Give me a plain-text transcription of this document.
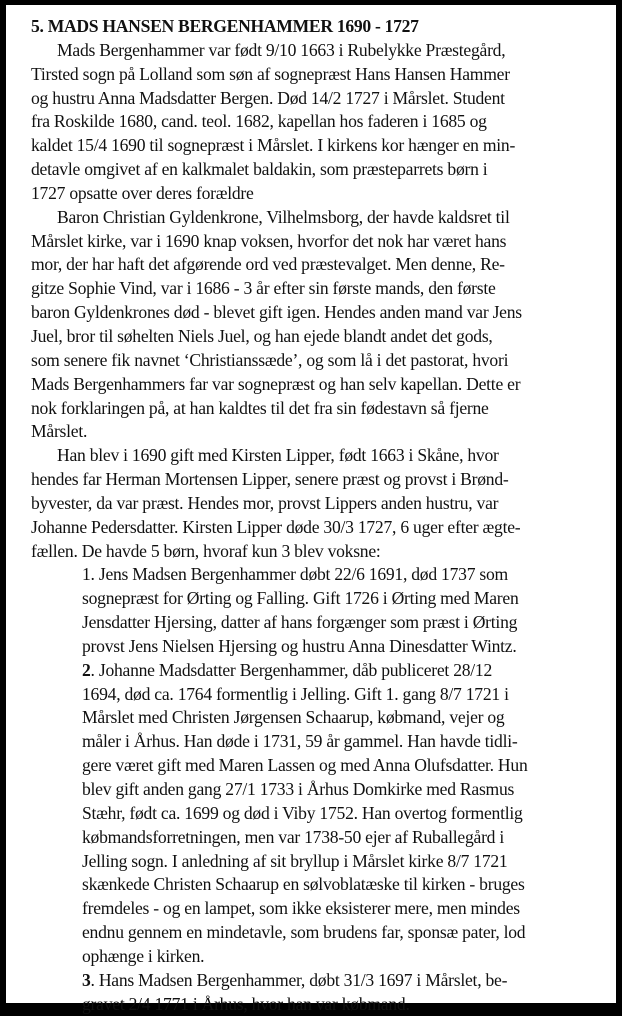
5. MADS HANSEN BERGENHAMMER 1690 - 1727

Mads Bergenhammer var født 9/10 1663 i Rubelykke Præstegård,
Tirsted sogn på Lolland som søn af sognepræst Hans Hansen Hammer
og hustru Anna Madsdatter Bergen. Død 14/2 1727 i Mårslet. Student
fra Roskilde 1680, cand. teol. 1682, kapellan hos faderen i 1685 og
kaldet 15/4 1690 til sognepræst i Mårslet. I kirkens kor hænger en min-
detavle omgivet af en kalkmalet baldakin, som præsteparrets børn i
1727 opsatte over deres forældre

Baron Christian Gyldenkrone, Vilhelmsborg, der havde kaldsret til
Mårslet kirke, var i 1690 knap voksen, hvorfor det nok har været hans
mor, der har haft det afgørende ord ved præstevalget. Men denne, Re-
gitze Sophie Vind, var i 1686 - 3 år efter sin første mands, den første
baron Gyldenkrones død - blevet gift igen. Hendes anden mand var Jens
Juel, bror til søhelten Niels Juel, og han ejede blandt andet det gods,
som senere fik navnet ‘Christianssæde’, og som lå i det pastorat, hvori
Mads Bergenhammers far var sognepræst og han selv kapellan. Dette er
nok forklaringen på, at han kaldtes til det fra sin fødestavn så fjerne
Mårslet.

Han blev i 1690 gift med Kirsten Lipper, født 1663 i Skåne, hvor
hendes far Herman Mortensen Lipper, senere præst og provst i Brønd-
byvester, da var præst. Hendes mor, provst Lippers anden hustru, var
Johanne Pedersdatter. Kirsten Lipper døde 30/3 1727, 6 uger efter ægte-
fællen. De havde 5 børn, hvoraf kun 3 blev voksne:

1. Jens Madsen Bergenhammer døbt 22/6 1691, død 1737 som
sognepræst for Ørting og Falling. Gift 1726 i Ørting med Maren
Jensdatter Hjersing, datter af hans forgænger som præst i Ørting
provst Jens Nielsen Hjersing og hustru Anna Dinesdatter Wintz.
2. Johanne Madsdatter Bergenhammer, dåb publiceret 28/12
1694, død ca. 1764 formentlig i Jelling. Gift 1. gang 8/7 1721 i
Mårslet med Christen Jørgensen Schaarup, købmand, vejer og
måler i Århus. Han døde i 1731, 59 år gammel. Han havde tidli-
gere været gift med Maren Lassen og med Anna Olufsdatter. Hun
blev gift anden gang 27/1 1733 i Århus Domkirke med Rasmus
Stæhr, født ca. 1699 og død i Viby 1752. Han overtog formentlig
købmandsforretningen, men var 1738-50 ejer af Ruballegård i
Jelling sogn. I anledning af sit bryllup i Mårslet kirke 8/7 1721
skænkede Christen Schaarup en sølvoblatæske til kirken - bruges
fremdeles - og en lampet, som ikke eksisterer mere, men mindes
endnu gennem en mindetavle, som brudens far, sponsæ pater, lod
ophænge i kirken.
3. Hans Madsen Bergenhammer, døbt 31/3 1697 i Mårslet, be-
gravet 2/4 1771 i Århus, hvor han var købmand.
